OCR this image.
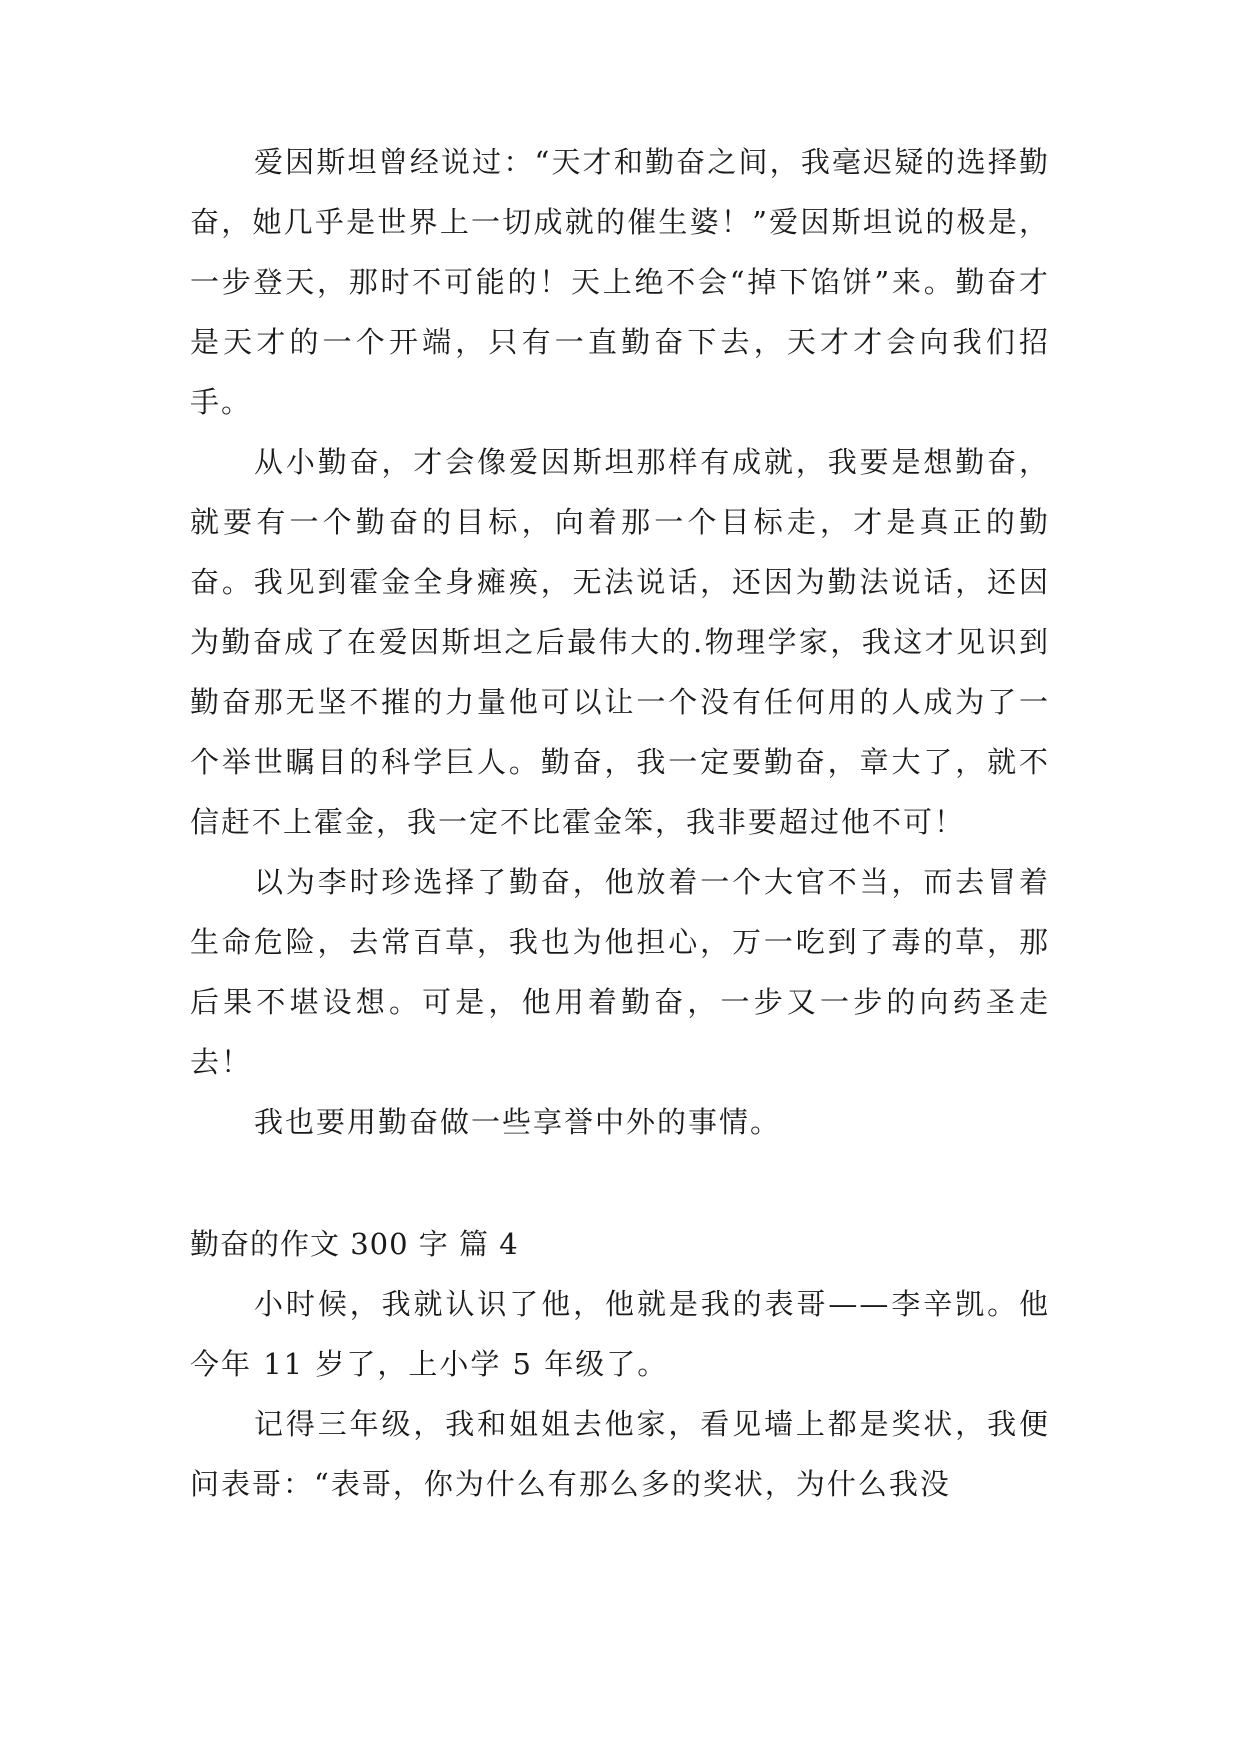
爱因斯坦曾经说过：“天才和勤奋之间，我毫迟疑的选择勤奋，她几乎是世界上一切成就的催生婆！”爱因斯坦说的极是，一步登天，那时不可能的！天上绝不会“掉下馅饼”来。勤奋才是天才的一个开端，只有一直勤奋下去，天才才会向我们招手。

从小勤奋，才会像爱因斯坦那样有成就，我要是想勤奋，就要有一个勤奋的目标，向着那一个目标走，才是真正的勤奋。我见到霍金全身瘫痪，无法说话，还因为勤法说话，还因为勤奋成了在爱因斯坦之后最伟大的.物理学家，我这才见识到勤奋那无坚不摧的力量他可以让一个没有任何用的人成为了一个举世瞩目的科学巨人。勤奋，我一定要勤奋，章大了，就不信赶不上霍金，我一定不比霍金笨，我非要超过他不可！

以为李时珍选择了勤奋，他放着一个大官不当，而去冒着生命危险，去常百草，我也为他担心，万一吃到了毒的草，那后果不堪设想。可是，他用着勤奋，一步又一步的向药圣走去！

我也要用勤奋做一些享誉中外的事情。

勤奋的作文 300 字 篇 4

小时候，我就认识了他，他就是我的表哥——李辛凯。他今年 11 岁了，上小学 5 年级了。

记得三年级，我和姐姐去他家，看见墙上都是奖状，我便问表哥：“表哥，你为什么有那么多的奖状，为什么我没
